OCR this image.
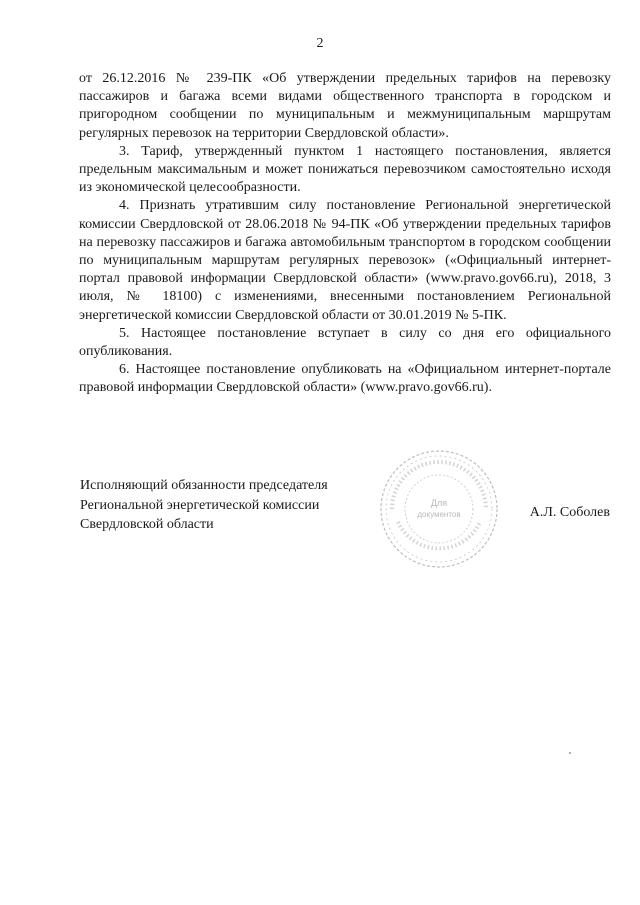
2

от 26.12.2016 № 239-ПК «Об утверждении предельных тарифов на перевозку пассажиров и багажа всеми видами общественного транспорта в городском и пригородном сообщении по муниципальным и межмуниципальным маршрутам регулярных перевозок на территории Свердловской области».

3. Тариф, утвержденный пунктом 1 настоящего постановления, является предельным максимальным и может понижаться перевозчиком самостоятельно исходя из экономической целесообразности.

4. Признать утратившим силу постановление Региональной энергетической комиссии Свердловской от 28.06.2018 № 94-ПК «Об утверждении предельных тарифов на перевозку пассажиров и багажа автомобильным транспортом в городском сообщении по муниципальным маршрутам регулярных перевозок» («Официальный интернет-портал правовой информации Свердловской области» (www.pravo.gov66.ru), 2018, 3 июля, № 18100) с изменениями, внесенными постановлением Региональной энергетической комиссии Свердловской области от 30.01.2019 № 5-ПК.

5. Настоящее постановление вступает в силу со дня его официального опубликования.

6. Настоящее постановление опубликовать на «Официальном интернет-портале правовой информации Свердловской области» (www.pravo.gov66.ru).

Для
документов
Исполняющий обязанности председателя
Региональной энергетической комиссии
Свердловской области
А.Л. Соболев
